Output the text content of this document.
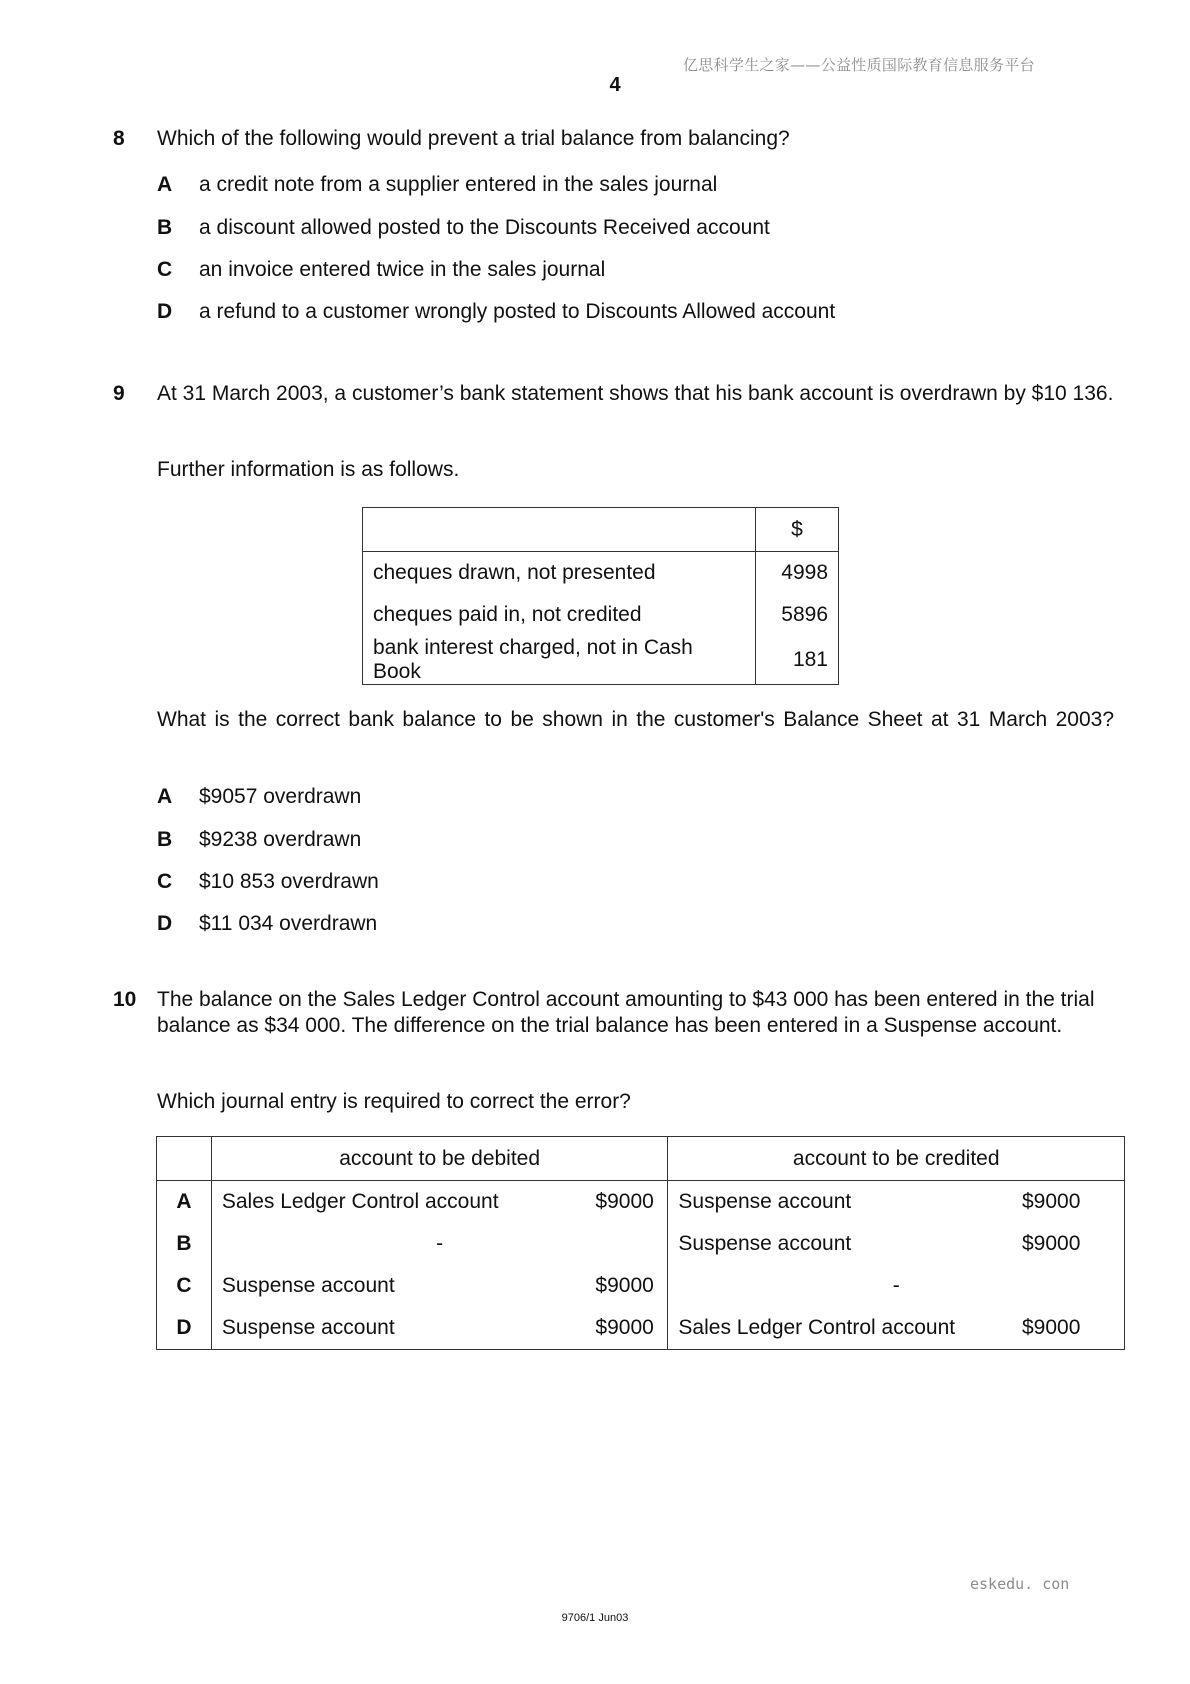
亿思科学生之家——公益性质国际教育信息服务平台
4
8 Which of the following would prevent a trial balance from balancing?
A a credit note from a supplier entered in the sales journal
B a discount allowed posted to the Discounts Received account
C an invoice entered twice in the sales journal
D a refund to a customer wrongly posted to Discounts Allowed account
9 At 31 March 2003, a customer’s bank statement shows that his bank account is overdrawn by $10 136.
Further information is as follows.
	$
cheques drawn, not presented	4998
cheques paid in, not credited	5896
bank interest charged, not in Cash Book	181
What is the correct bank balance to be shown in the customer's Balance Sheet at 31 March 2003?
A $9057 overdrawn
B $9238 overdrawn
C $10 853 overdrawn
D $11 034 overdrawn
10 The balance on the Sales Ledger Control account amounting to $43 000 has been entered in the trial balance as $34 000. The difference on the trial balance has been entered in a Suspense account.
Which journal entry is required to correct the error?
	account to be debited	account to be credited
A	Sales Ledger Control account $9000	Suspense account $9000

B	-	Suspense account $9000

C	Suspense account $9000	-
D	Suspense account $9000	Sales Ledger Control account $9000
eskedu. con
9706/1 Jun03
